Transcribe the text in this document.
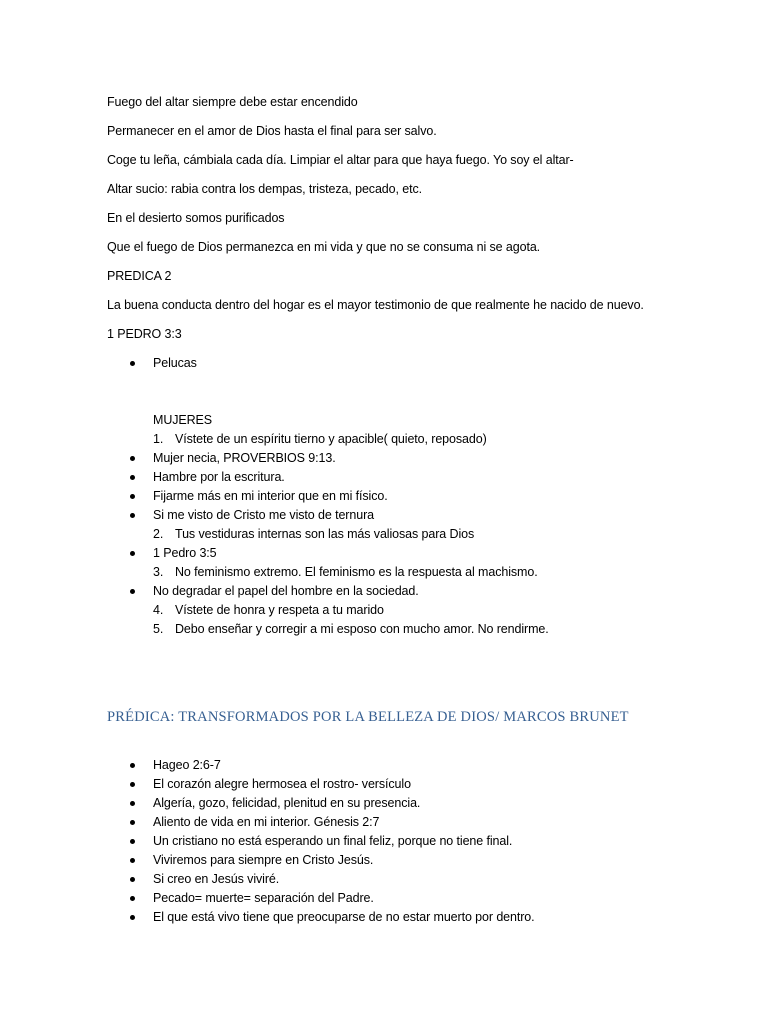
Fuego del altar siempre debe estar encendido
Permanecer en el amor de Dios hasta el final para ser salvo.
Coge tu leña, cámbiala cada día. Limpiar el altar para que haya fuego. Yo soy el altar-
Altar sucio: rabia contra los dempas, tristeza, pecado, etc.
En el desierto somos purificados
Que el fuego de Dios permanezca en mi vida y que no se consuma ni se agota.
PREDICA 2
La buena conducta dentro del hogar es el mayor testimonio de que realmente he nacido de nuevo.
1 PEDRO 3:3
Pelucas
MUJERES
1. Vístete de un espíritu tierno y apacible( quieto, reposado)
Mujer necia, PROVERBIOS 9:13.
Hambre por la escritura.
Fijarme más en mi interior que en mi físico.
Si me visto de Cristo me visto de ternura
2. Tus vestiduras internas son las más valiosas para Dios
1 Pedro 3:5
3. No feminismo extremo. El feminismo es la respuesta al machismo.
No degradar el papel del hombre en la sociedad.
4. Vístete de honra y respeta a tu marido
5. Debo enseñar y corregir a mi esposo con mucho amor. No rendirme.
PRÉDICA: TRANSFORMADOS POR LA BELLEZA DE DIOS/ MARCOS BRUNET
Hageo 2:6-7
El corazón alegre hermosea el rostro- versículo
Algería, gozo, felicidad, plenitud en su presencia.
Aliento de vida en mi interior. Génesis 2:7
Un cristiano no está esperando un final feliz, porque no tiene final.
Viviremos para siempre en Cristo Jesús.
Si creo en Jesús viviré.
Pecado= muerte= separación del Padre.
El que está vivo tiene que preocuparse de no estar muerto por dentro.
